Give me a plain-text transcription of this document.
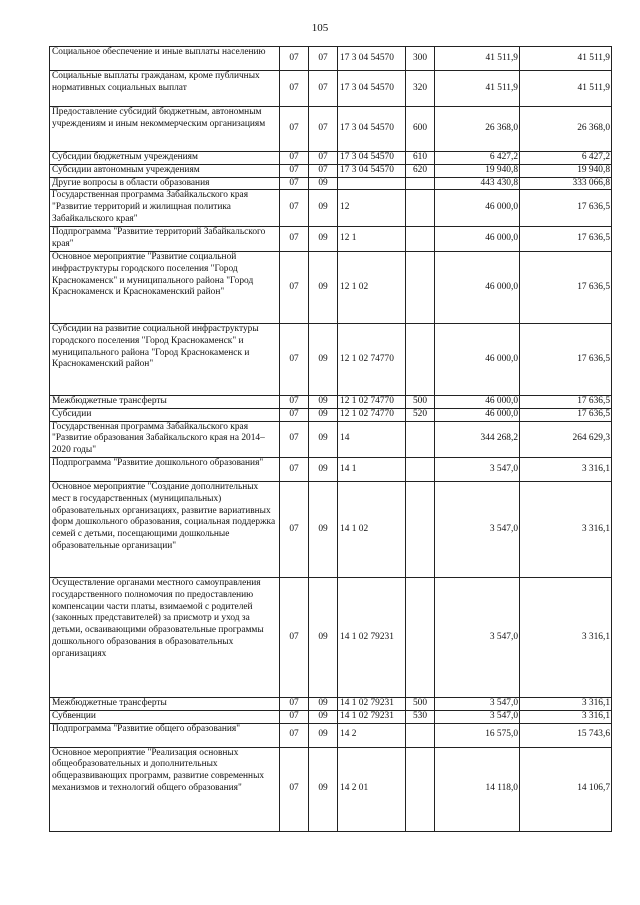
105
Социальное обеспечение и иные выплаты населению	07	07	17 3 04 54570	300	41 511,9	41 511,9
Социальные выплаты гражданам, кроме публичных нормативных социальных выплат	07	07	17 3 04 54570	320	41 511,9	41 511,9
Предоставление субсидий бюджетным, автономным учреждениям и иным некоммерческим организациям	07	07	17 3 04 54570	600	26 368,0	26 368,0
Субсидии бюджетным учреждениям	07	07	17 3 04 54570	610	6 427,2	6 427,2
Субсидии автономным учреждениям	07	07	17 3 04 54570	620	19 940,8	19 940,8
Другие вопросы в области образования	07	09			443 430,8	333 066,8
Государственная программа Забайкальского края "Развитие территорий и жилищная политика Забайкальского края"	07	09	12		46 000,0	17 636,5
Подпрограмма "Развитие территорий Забайкальского края"	07	09	12 1		46 000,0	17 636,5
Основное мероприятие "Развитие социальной инфраструктуры городского поселения "Город Краснокаменск" и муниципального района "Город Краснокаменск и Краснокаменский район"	07	09	12 1 02		46 000,0	17 636,5
Субсидии на развитие социальной инфраструктуры городского поселения "Город Краснокаменск" и муниципального района "Город Краснокаменск и Краснокаменский район"	07	09	12 1 02 74770		46 000,0	17 636,5
Межбюджетные трансферты	07	09	12 1 02 74770	500	46 000,0	17 636,5
Субсидии	07	09	12 1 02 74770	520	46 000,0	17 636,5
Государственная программа Забайкальского края "Развитие образования Забайкальского края на 2014–2020 годы"	07	09	14		344 268,2	264 629,3
Подпрограмма "Развитие дошкольного образования"	07	09	14 1		3 547,0	3 316,1
Основное мероприятие "Создание дополнительных мест в государственных (муниципальных) образовательных организациях, развитие вариативных форм дошкольного образования, социальная поддержка семей с детьми, посещающими дошкольные образовательные организации"	07	09	14 1 02		3 547,0	3 316,1
Осуществление органами местного самоуправления государственного полномочия по предоставлению компенсации части платы, взимаемой с родителей (законных представителей) за присмотр и уход за детьми, осваивающими образовательные программы дошкольного образования в образовательных организациях	07	09	14 1 02 79231		3 547,0	3 316,1
Межбюджетные трансферты	07	09	14 1 02 79231	500	3 547,0	3 316,1
Субвенции	07	09	14 1 02 79231	530	3 547,0	3 316,1
Подпрограмма "Развитие общего образования"	07	09	14 2		16 575,0	15 743,6
Основное мероприятие "Реализация основных общеобразовательных и дополнительных общеразвивающих программ, развитие современных механизмов и технологий общего образования"	07	09	14 2 01		14 118,0	14 106,7
